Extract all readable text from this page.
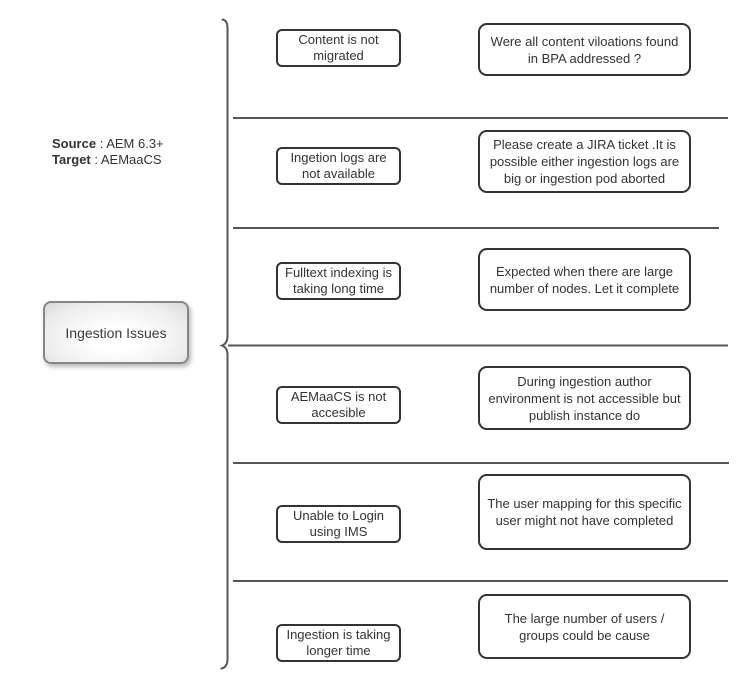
Source : AEM 6.3+
Target : AEMaaCS
Ingestion Issues
Content is not migrated
Were all content viloations found in BPA addressed ?
Ingetion logs are not available
Please create a JIRA ticket .It is possible either ingestion logs are big or ingestion pod aborted
Fulltext indexing is taking long time
Expected when there are large number of nodes. Let it complete
AEMaaCS is not accesible
During ingestion author environment is not accessible but publish instance do
Unable to Login using IMS
The user mapping for this specific user might not have completed
Ingestion is taking longer time
The large number of users / groups could be cause
